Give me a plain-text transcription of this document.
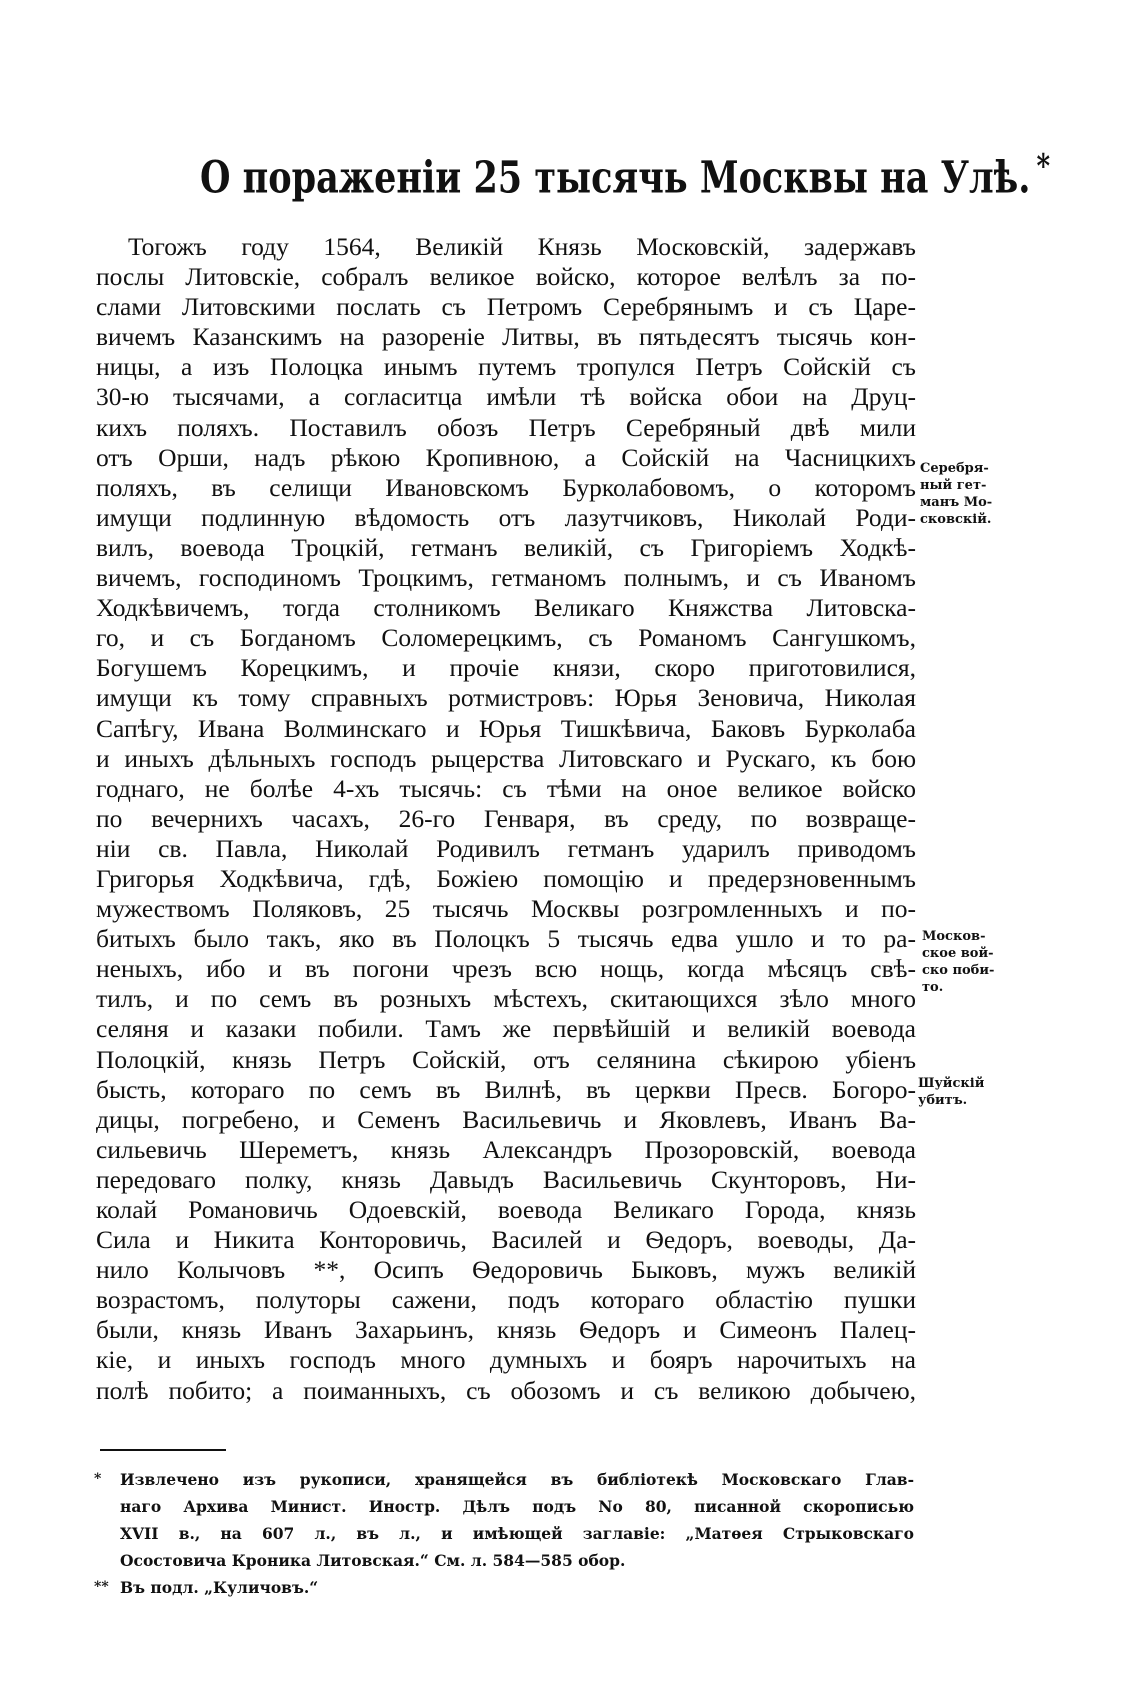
О пораженіи 25 тысячь Москвы на Улѣ. *
Тогожъ году 1564, Великій Князь Московскій, задержавъ
послы Литовскіе, собралъ великое войско, которое велѣлъ за по-
слами Литовскими послать съ Петромъ Серебрянымъ и съ Царе-
вичемъ Казанскимъ на разореніе Литвы, въ пятьдесятъ тысячь кон-
ницы, а изъ Полоцка инымъ путемъ тропулся Петръ Сойскій съ
30-ю тысячами, а согласитца имѣли тѣ войска обои на Друц-
кихъ поляхъ. Поставилъ обозъ Петръ Серебряный двѣ мили
отъ Орши, надъ рѣкою Кропивною, а Сойскій на Часницкихъ
поляхъ, въ селищи Ивановскомъ Бурколабовомъ, о которомъ
имущи подлинную вѣдомость отъ лазутчиковъ, Николай Роди-
вилъ, воевода Троцкій, гетманъ великій, съ Григоріемъ Ходкѣ-
вичемъ, господиномъ Троцкимъ, гетманомъ полнымъ, и съ Иваномъ
Ходкѣвичемъ, тогда столникомъ Великаго Княжства Литовска-
го, и съ Богданомъ Соломерецкимъ, съ Романомъ Сангушкомъ,
Богушемъ Корецкимъ, и прочіе князи, скоро приготовилися,
имущи къ тому справныхъ ротмистровъ: Юрья Зеновича, Николая
Сапѣгу, Ивана Волминскаго и Юрья Тишкѣвича, Баковъ Бурколаба
и иныхъ дѣльныхъ господъ рыцерства Литовскаго и Рускаго, къ бою
годнаго, не болѣе 4-хъ тысячь: съ тѣми на оное великое войско
по вечернихъ часахъ, 26-го Генваря, въ среду, по возвраще-
ніи св. Павла, Николай Родивилъ гетманъ ударилъ приводомъ
Григорья Ходкѣвича, гдѣ, Божіею помощію и предерзновеннымъ
мужествомъ Поляковъ, 25 тысячь Москвы розгромленныхъ и по-
битыхъ было такъ, яко въ Полоцкъ 5 тысячь едва ушло и то ра-
неныхъ, ибо и въ погони чрезъ всю нощь, когда мѣсяцъ свѣ-
тилъ, и по семъ въ розныхъ мѣстехъ, скитающихся зѣло много
селяня и казаки побили. Тамъ же первѣйшій и великій воевода
Полоцкій, князь Петръ Сойскій, отъ селянина сѣкирою убіенъ
бысть, котораго по семъ въ Вилнѣ, въ церкви Пресв. Богоро-
дицы, погребено, и Семенъ Васильевичь и Яковлевъ, Иванъ Ва-
сильевичь Шереметъ, князь Александръ Прозоровскій, воевода
передоваго полку, князь Давыдъ Васильевичь Скунторовъ, Ни-
колай Романовичь Одоевскій, воевода Великаго Города, князь
Сила и Никита Конторовичь, Василей и Ѳедоръ, воеводы, Да-
нило Колычовъ **, Осипъ Ѳедоровичь Быковъ, мужъ великій
возрастомъ, полуторы сажени, подъ котораго областію пушки
были, князь Иванъ Захарьинъ, князь Ѳедоръ и Симеонъ Палец-
кіе, и иныхъ господъ много думныхъ и бояръ нарочитыхъ на
полѣ побито; а поиманныхъ, съ обозомъ и съ великою добычею,
Серебря-
ный гет-
манъ Мо-
сковскій.
Москов-
ское вой-
ско поби-
то.
Шуйскій
убитъ.
* Извлечено изъ рукописи, хранящейся въ библіотекѣ Московскаго Глав-
наго Архива Минист. Иностр. Дѣлъ подъ No 80, писанной скорописью
XVII в., на 607 л., въ л., и имѣющей заглавіе: „Матѳея Стрыковскаго
Осостовича Кроника Литовская.“ См. л. 584—585 обор.
** Въ подл. „Куличовъ.“
